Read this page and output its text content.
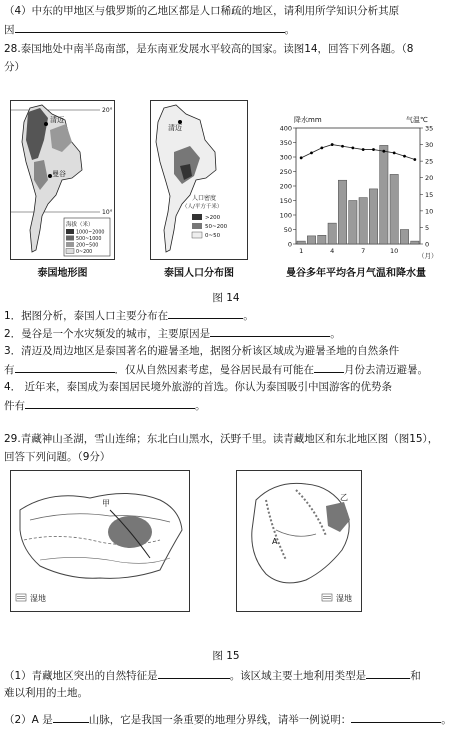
（4）中东的甲地区与俄罗斯的乙地区都是人口稀疏的地区，请利用所学知识分析其原
因	。
28.泰国地处中南半岛南部，是东南亚发展水平较高的国家。读图14，回答下列各题。（8
分）
20°
10°
清迈
曼谷
海拔（米）
1000~2000
500~1000
200~500
0~200
泰国地形图
清迈
人口密度
（人/平方千米）
>200
50~200
0~50
泰国人口分布图
降水mm	气温℃
0
50
100
150
200
250
300
350
400
0
5
10
15
20
25
30
35
1	4	7	10
（月）
曼谷多年平均各月气温和降水量
图 14
1．据图分析，泰国人口主要分布在	。
2．曼谷是一个水灾频发的城市，主要原因是	。
3．清迈及周边地区是泰国著名的避暑圣地，据图分析该区域成为避暑圣地的自然条件
有	．仅从自然因素考虑，曼谷居民最有可能在	月份去清迈避暑。
4． 近年来，泰国成为泰国居民境外旅游的首选。你认为泰国吸引中国游客的优势条
件有	。
29.青藏神山圣湖，雪山连绵；东北白山黑水，沃野千里。读青藏地区和东北地区图（图15），
回答下列问题。（9分）
甲
湿地
乙
A
湿地
图 15
（1）青藏地区突出的自然特征是	。该区域主要土地利用类型是	和
难以利用的土地。
（2）A 是	山脉，它是我国一条重要的地理分界线，请举一例说明：	。
